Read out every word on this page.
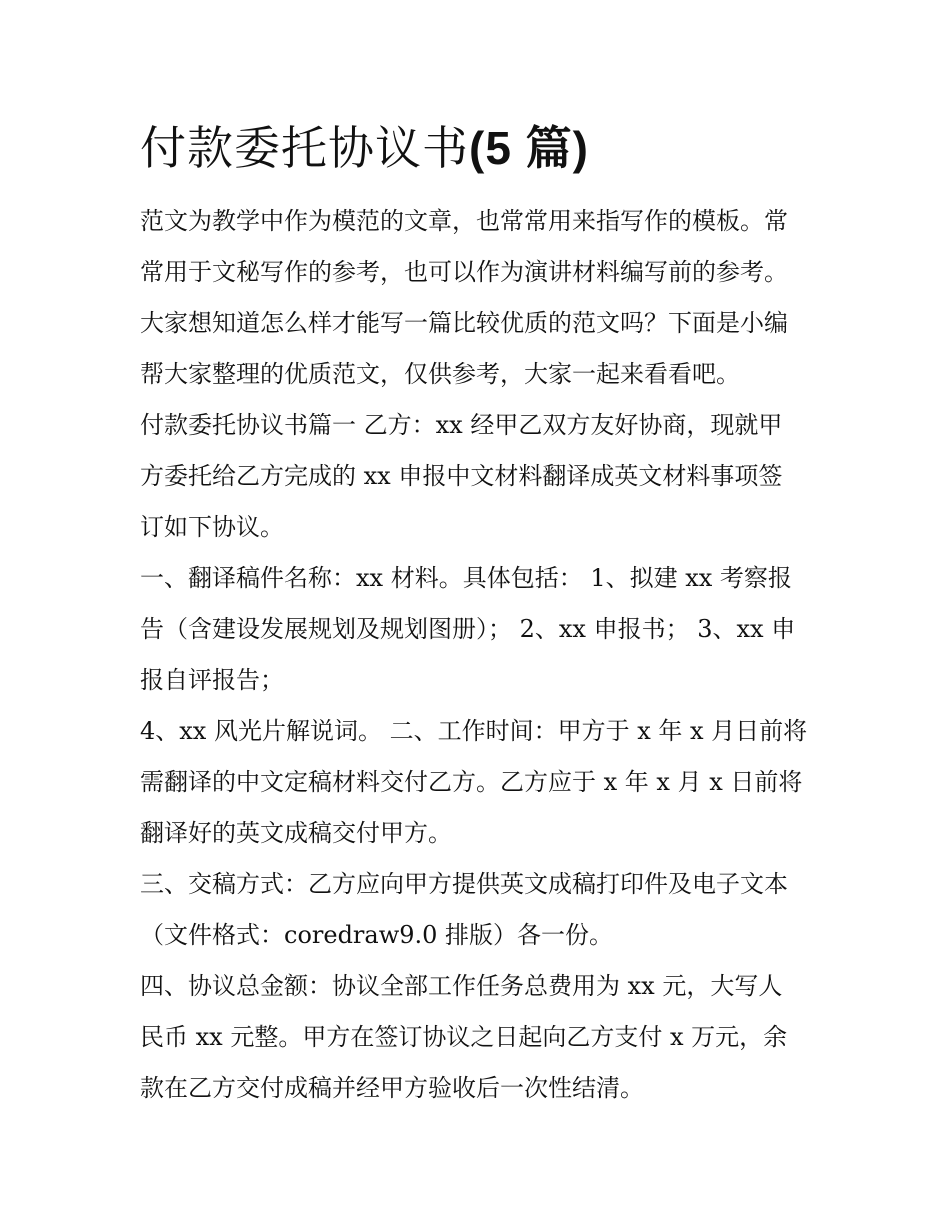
付款委托协议书(5 篇)
范文为教学中作为模范的文章，也常常用来指写作的模板。常
常用于文秘写作的参考，也可以作为演讲材料编写前的参考。
大家想知道怎么样才能写一篇比较优质的范文吗？下面是小编
帮大家整理的优质范文，仅供参考，大家一起来看看吧。
付款委托协议书篇一 乙方：xx 经甲乙双方友好协商，现就甲
方委托给乙方完成的 xx 申报中文材料翻译成英文材料事项签
订如下协议。
一、翻译稿件名称：xx 材料。具体包括： 1、拟建 xx 考察报
告（含建设发展规划及规划图册）； 2、xx 申报书； 3、xx 申
报自评报告；
4、xx 风光片解说词。 二、工作时间：甲方于 x 年 x 月日前将
需翻译的中文定稿材料交付乙方。乙方应于 x 年 x 月 x 日前将
翻译好的英文成稿交付甲方。
三、交稿方式：乙方应向甲方提供英文成稿打印件及电子文本
（文件格式：coredraw9.0 排版）各一份。
四、协议总金额：协议全部工作任务总费用为 xx 元，大写人
民币 xx 元整。甲方在签订协议之日起向乙方支付 x 万元，余
款在乙方交付成稿并经甲方验收后一次性结清。
